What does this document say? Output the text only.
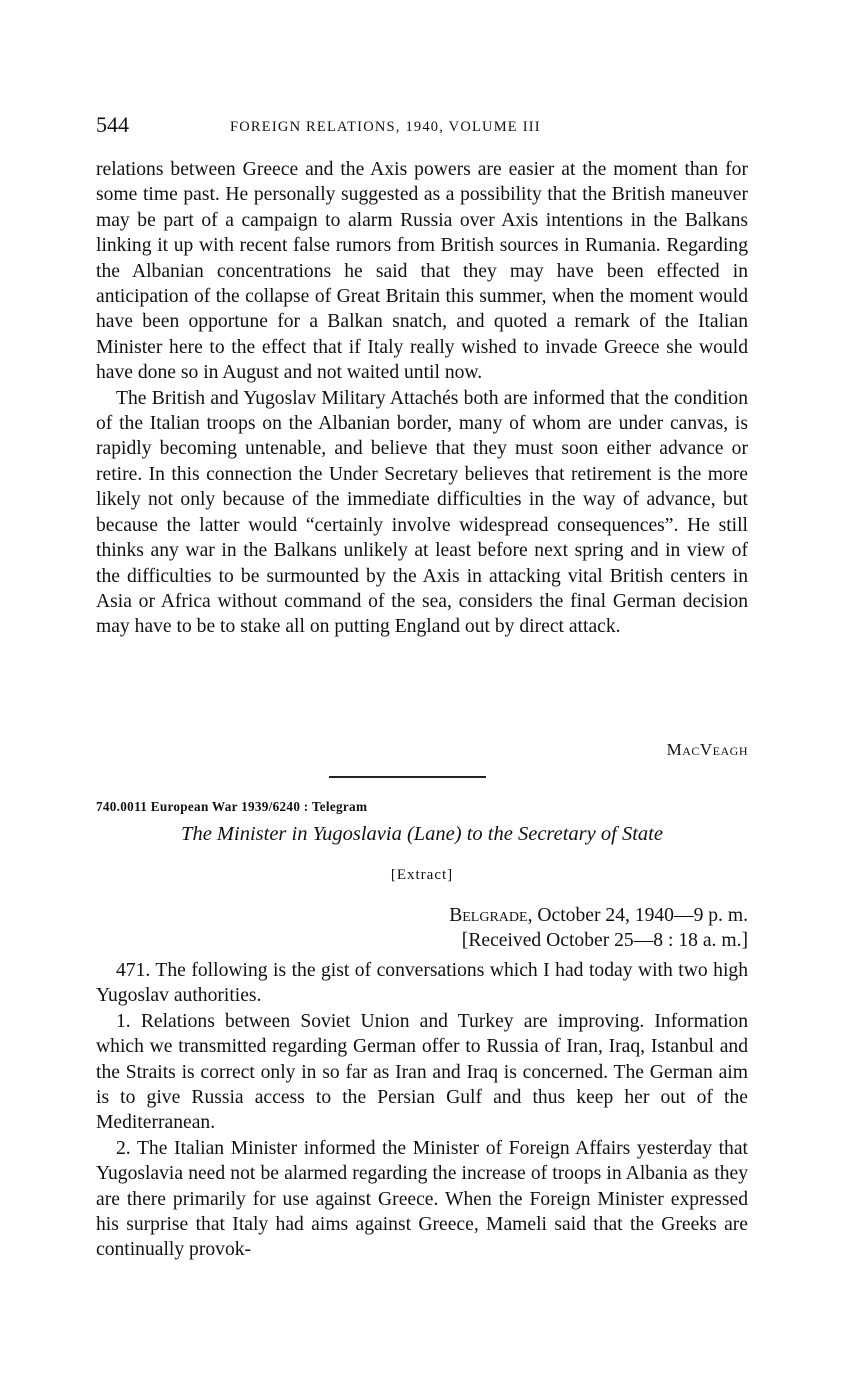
544	FOREIGN RELATIONS, 1940, VOLUME III

relations between Greece and the Axis powers are easier at the moment than for some time past. He personally suggested as a possibility that the British maneuver may be part of a campaign to alarm Russia over Axis intentions in the Balkans linking it up with recent false rumors from British sources in Rumania. Regarding the Albanian concentrations he said that they may have been effected in anticipation of the collapse of Great Britain this summer, when the moment would have been opportune for a Balkan snatch, and quoted a remark of the Italian Minister here to the effect that if Italy really wished to invade Greece she would have done so in August and not waited until now.

The British and Yugoslav Military Attachés both are informed that the condition of the Italian troops on the Albanian border, many of whom are under canvas, is rapidly becoming untenable, and believe that they must soon either advance or retire. In this connection the Under Secretary believes that retirement is the more likely not only because of the immediate difficulties in the way of advance, but because the latter would “certainly involve widespread consequences”. He still thinks any war in the Balkans unlikely at least before next spring and in view of the difficulties to be surmounted by the Axis in attacking vital British centers in Asia or Africa without command of the sea, considers the final German decision may have to be to stake all on putting England out by direct attack.

MacVeagh
740.0011 European War 1939/6240 : Telegram
The Minister in Yugoslavia (Lane) to the Secretary of State
[Extract]
Belgrade, October 24, 1940—9 p. m.
[Received October 25—8 : 18 a. m.]

471. The following is the gist of conversations which I had today with two high Yugoslav authorities.

1. Relations between Soviet Union and Turkey are improving. Information which we transmitted regarding German offer to Russia of Iran, Iraq, Istanbul and the Straits is correct only in so far as Iran and Iraq is concerned. The German aim is to give Russia access to the Persian Gulf and thus keep her out of the Mediterranean.

2. The Italian Minister informed the Minister of Foreign Affairs yesterday that Yugoslavia need not be alarmed regarding the increase of troops in Albania as they are there primarily for use against Greece. When the Foreign Minister expressed his surprise that Italy had aims against Greece, Mameli said that the Greeks are continually provok-
